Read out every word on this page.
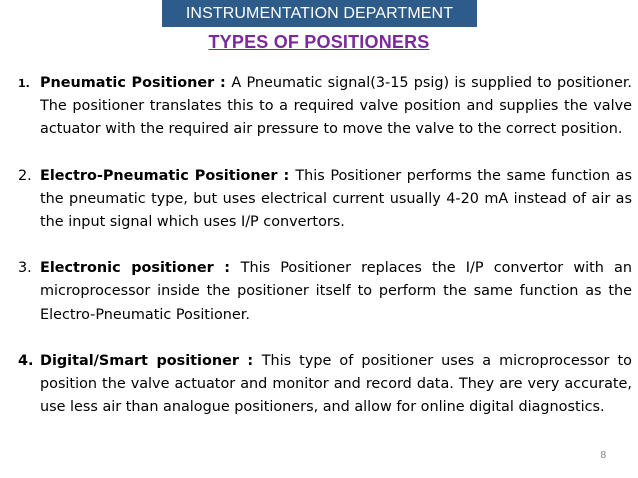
INSTRUMENTATION DEPARTMENT
TYPES OF POSITIONERS
1. Pneumatic Positioner : A Pneumatic signal(3-15 psig) is supplied to positioner. The positioner translates this to a required valve position and supplies the valve actuator with the required air pressure to move the valve to the correct position.
2. Electro-Pneumatic Positioner : This Positioner performs the same function as the pneumatic type, but uses electrical current usually 4-20 mA instead of air as the input signal which uses I/P convertors.
3. Electronic positioner : This Positioner replaces the I/P convertor with an microprocessor inside the positioner itself to perform the same function as the Electro-Pneumatic Positioner.
4. Digital/Smart positioner : This type of positioner uses a microprocessor to position the valve actuator and monitor and record data. They are very accurate, use less air than analogue positioners, and allow for online digital diagnostics.
8
